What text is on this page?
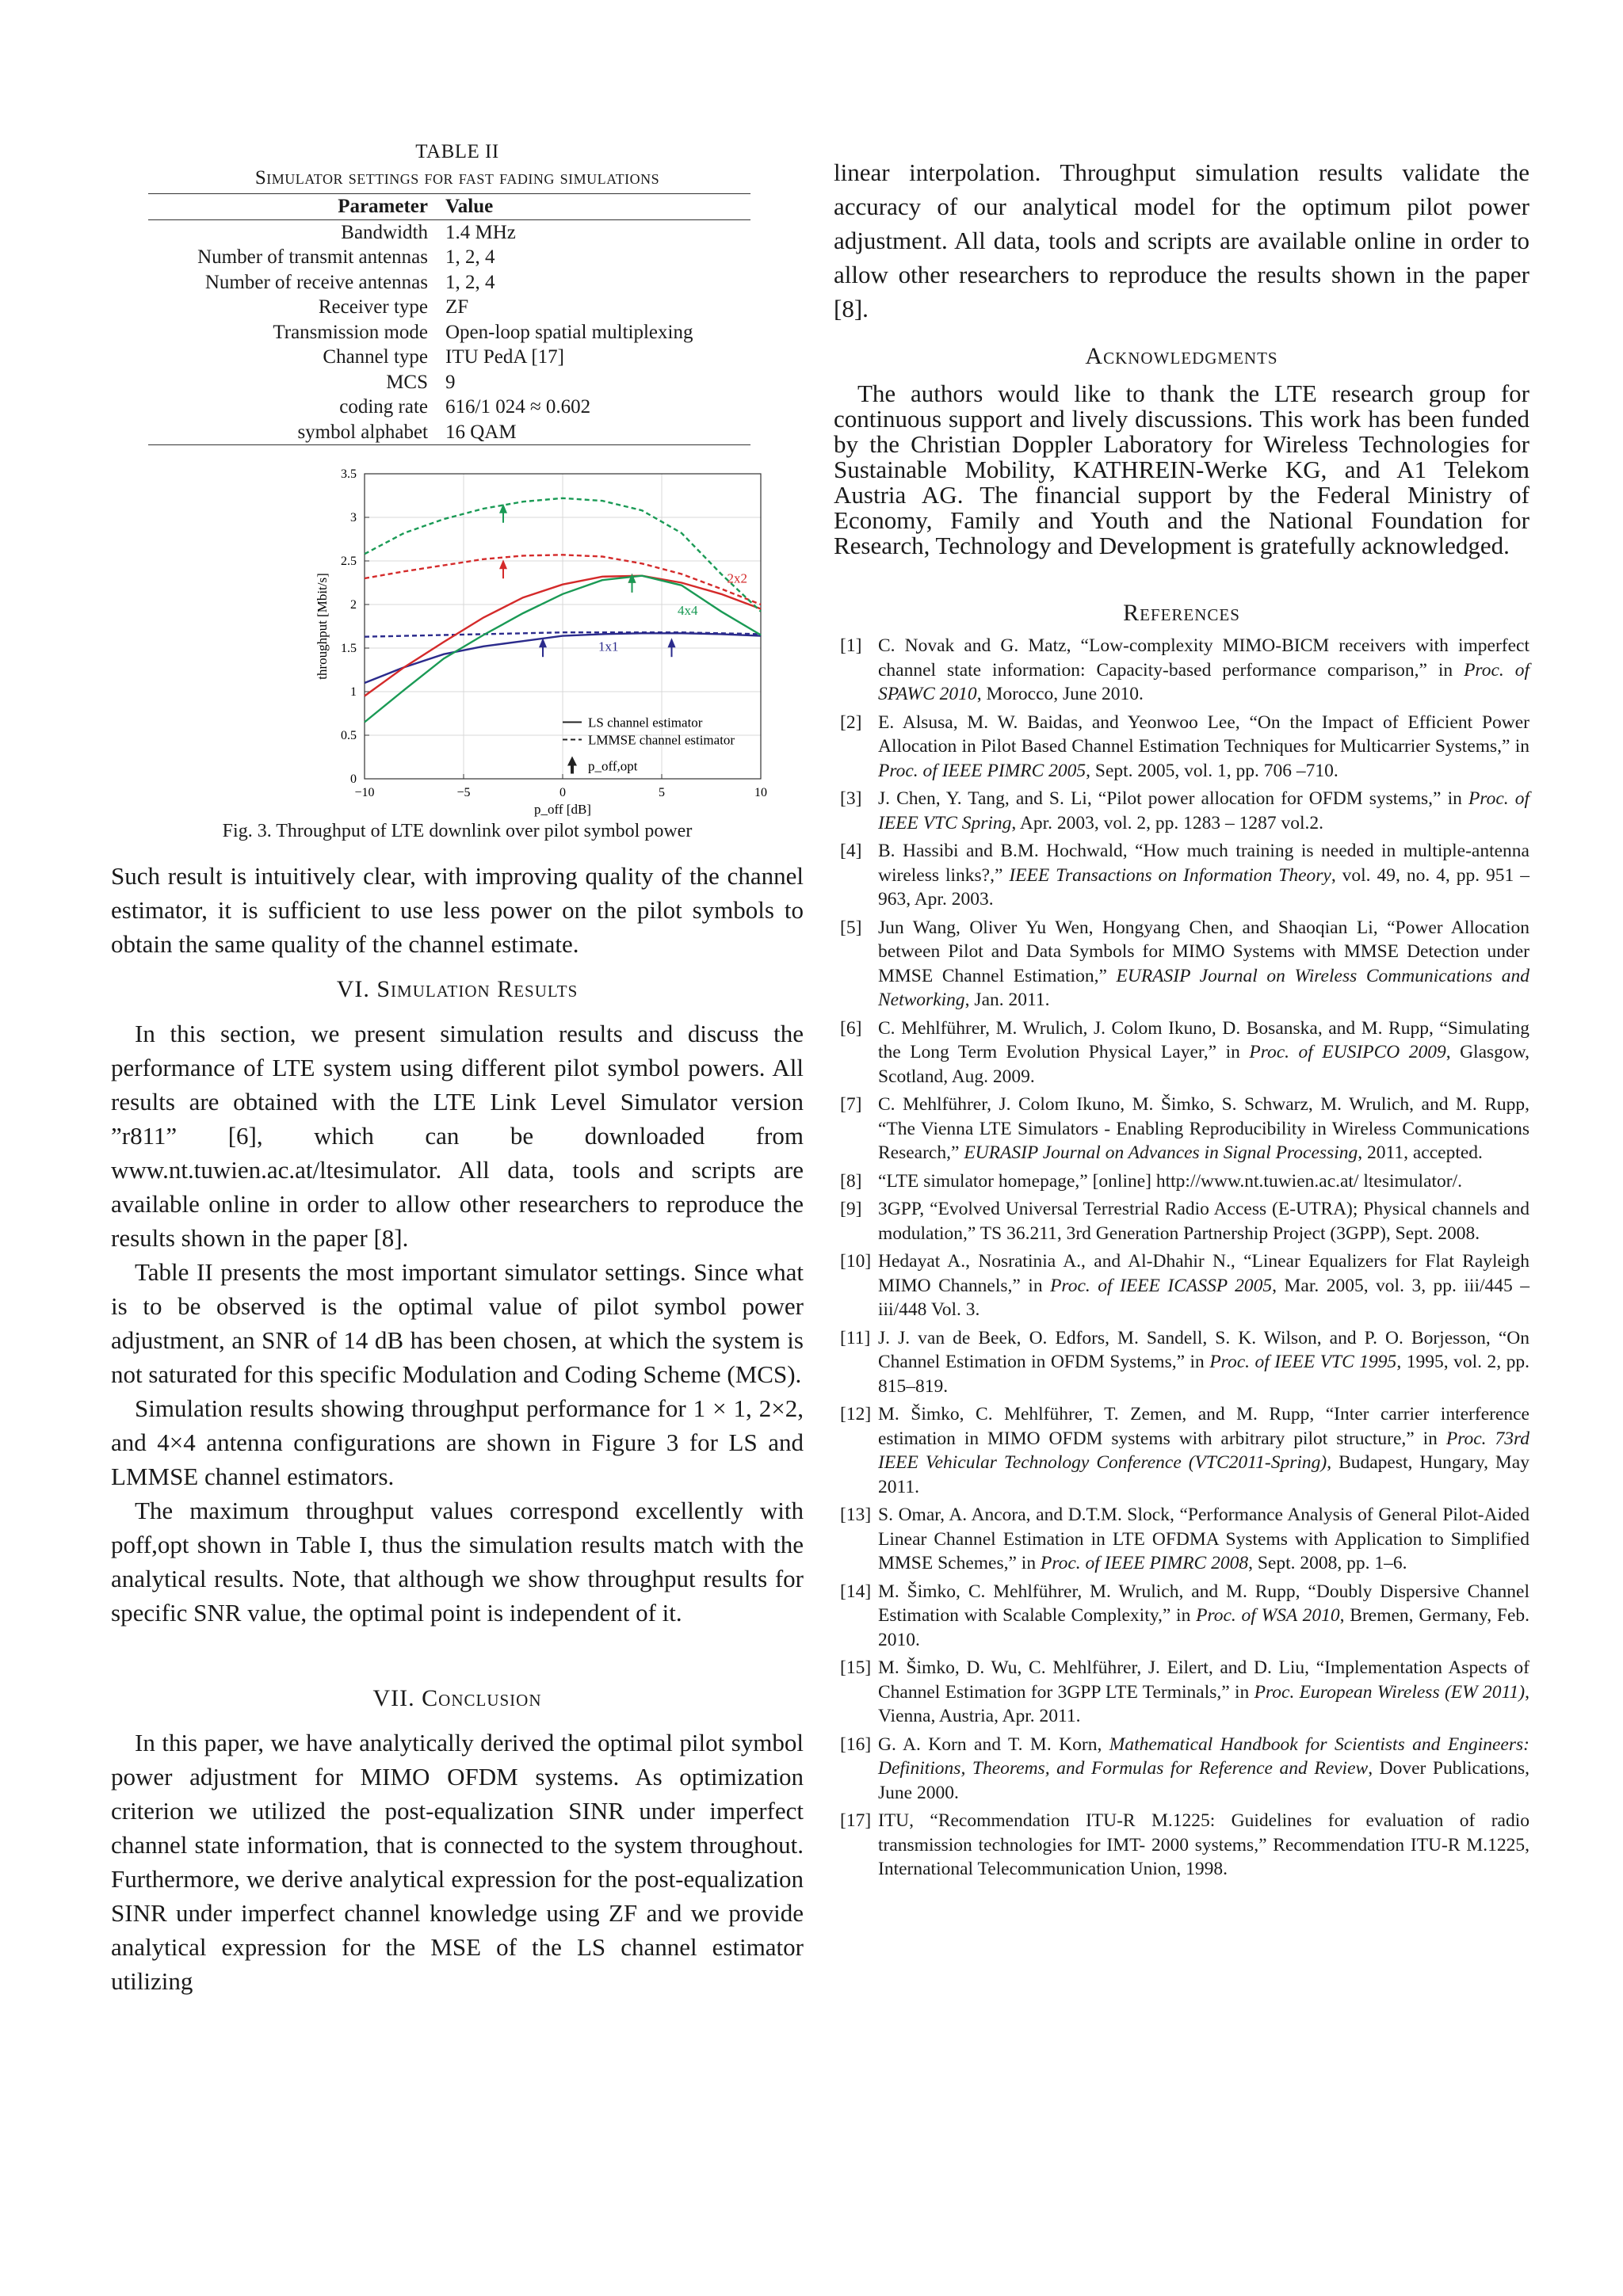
TABLE II
Simulator settings for fast fading simulations
Parameter	Value
Bandwidth	1.4 MHz
Number of transmit antennas	1, 2, 4
Number of receive antennas	1, 2, 4
Receiver type	ZF
Transmission mode	Open-loop spatial multiplexing
Channel type	ITU PedA [17]
MCS	9
coding rate	616/1 024 ≈ 0.602
symbol alphabet	16 QAM
−10	−5	0	5	10
0
0.5
1
1.5
2
2.5
3
3.5
2x2
4x4
1x1
p_off [dB]
throughput [Mbit/s]
LS channel estimator
LMMSE channel estimator
p_off,opt
Fig. 3. Throughput of LTE downlink over pilot symbol power

Such result is intuitively clear, with improving quality of the channel estimator, it is sufficient to use less power on the pilot symbols to obtain the same quality of the channel estimate.

VI. Simulation Results

In this section, we present simulation results and discuss the performance of LTE system using different pilot symbol powers. All results are obtained with the LTE Link Level Simulator version ”r811” [6], which can be downloaded from www.nt.tuwien.ac.at/ltesimulator. All data, tools and scripts are available online in order to allow other researchers to reproduce the results shown in the paper [8].

Table II presents the most important simulator settings. Since what is to be observed is the optimal value of pilot symbol power adjustment, an SNR of 14 dB has been chosen, at which the system is not saturated for this specific Modulation and Coding Scheme (MCS).

Simulation results showing throughput performance for 1 × 1, 2×2, and 4×4 antenna configurations are shown in Figure 3 for LS and LMMSE channel estimators.

The maximum throughput values correspond excellently with poff,opt shown in Table I, thus the simulation results match with the analytical results. Note, that although we show throughput results for specific SNR value, the optimal point is independent of it.

VII. Conclusion

In this paper, we have analytically derived the optimal pilot symbol power adjustment for MIMO OFDM systems. As optimization criterion we utilized the post-equalization SINR under imperfect channel state information, that is connected to the system throughout. Furthermore, we derive analytical expression for the post-equalization SINR under imperfect channel knowledge using ZF and we provide analytical expression for the MSE of the LS channel estimator utilizing

linear interpolation. Throughput simulation results validate the accuracy of our analytical model for the optimum pilot power adjustment. All data, tools and scripts are available online in order to allow other researchers to reproduce the results shown in the paper [8].

Acknowledgments

The authors would like to thank the LTE research group for continuous support and lively discussions. This work has been funded by the Christian Doppler Laboratory for Wireless Technologies for Sustainable Mobility, KATHREIN-Werke KG, and A1 Telekom Austria AG. The financial support by the Federal Ministry of Economy, Family and Youth and the National Foundation for Research, Technology and Development is gratefully acknowledged.

References

[1] C. Novak and G. Matz, “Low-complexity MIMO-BICM receivers with imperfect channel state information: Capacity-based performance comparison,” in Proc. of SPAWC 2010, Morocco, June 2010.

[2] E. Alsusa, M. W. Baidas, and Yeonwoo Lee, “On the Impact of Efficient Power Allocation in Pilot Based Channel Estimation Techniques for Multicarrier Systems,” in Proc. of IEEE PIMRC 2005, Sept. 2005, vol. 1, pp. 706 –710.

[3] J. Chen, Y. Tang, and S. Li, “Pilot power allocation for OFDM systems,” in Proc. of IEEE VTC Spring, Apr. 2003, vol. 2, pp. 1283 – 1287 vol.2.

[4] B. Hassibi and B.M. Hochwald, “How much training is needed in multiple-antenna wireless links?,” IEEE Transactions on Information Theory, vol. 49, no. 4, pp. 951 – 963, Apr. 2003.

[5] Jun Wang, Oliver Yu Wen, Hongyang Chen, and Shaoqian Li, “Power Allocation between Pilot and Data Symbols for MIMO Systems with MMSE Detection under MMSE Channel Estimation,” EURASIP Journal on Wireless Communications and Networking, Jan. 2011.

[6] C. Mehlführer, M. Wrulich, J. Colom Ikuno, D. Bosanska, and M. Rupp, “Simulating the Long Term Evolution Physical Layer,” in Proc. of EUSIPCO 2009, Glasgow, Scotland, Aug. 2009.

[7] C. Mehlführer, J. Colom Ikuno, M. Šimko, S. Schwarz, M. Wrulich, and M. Rupp, “The Vienna LTE Simulators - Enabling Reproducibility in Wireless Communications Research,” EURASIP Journal on Advances in Signal Processing, 2011, accepted.

[8] “LTE simulator homepage,” [online] http://www.nt.tuwien.ac.at/ ltesimulator/.

[9] 3GPP, “Evolved Universal Terrestrial Radio Access (E-UTRA); Physical channels and modulation,” TS 36.211, 3rd Generation Partnership Project (3GPP), Sept. 2008.

[10] Hedayat A., Nosratinia A., and Al-Dhahir N., “Linear Equalizers for Flat Rayleigh MIMO Channels,” in Proc. of IEEE ICASSP 2005, Mar. 2005, vol. 3, pp. iii/445 – iii/448 Vol. 3.

[11] J. J. van de Beek, O. Edfors, M. Sandell, S. K. Wilson, and P. O. Borjesson, “On Channel Estimation in OFDM Systems,” in Proc. of IEEE VTC 1995, 1995, vol. 2, pp. 815–819.

[12] M. Šimko, C. Mehlführer, T. Zemen, and M. Rupp, “Inter carrier interference estimation in MIMO OFDM systems with arbitrary pilot structure,” in Proc. 73rd IEEE Vehicular Technology Conference (VTC2011-Spring), Budapest, Hungary, May 2011.

[13] S. Omar, A. Ancora, and D.T.M. Slock, “Performance Analysis of General Pilot-Aided Linear Channel Estimation in LTE OFDMA Systems with Application to Simplified MMSE Schemes,” in Proc. of IEEE PIMRC 2008, Sept. 2008, pp. 1–6.

[14] M. Šimko, C. Mehlführer, M. Wrulich, and M. Rupp, “Doubly Dispersive Channel Estimation with Scalable Complexity,” in Proc. of WSA 2010, Bremen, Germany, Feb. 2010.

[15] M. Šimko, D. Wu, C. Mehlführer, J. Eilert, and D. Liu, “Implementation Aspects of Channel Estimation for 3GPP LTE Terminals,” in Proc. European Wireless (EW 2011), Vienna, Austria, Apr. 2011.

[16] G. A. Korn and T. M. Korn, Mathematical Handbook for Scientists and Engineers: Definitions, Theorems, and Formulas for Reference and Review, Dover Publications, June 2000.

[17] ITU, “Recommendation ITU-R M.1225: Guidelines for evaluation of radio transmission technologies for IMT- 2000 systems,” Recommendation ITU-R M.1225, International Telecommunication Union, 1998.
